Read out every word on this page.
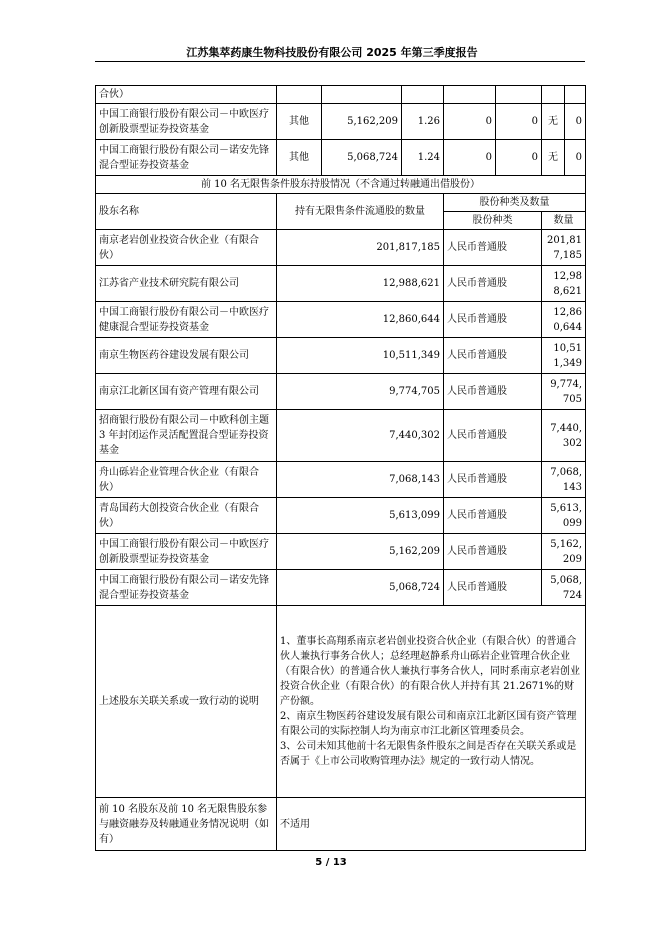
江苏集萃药康生物科技股份有限公司 2025 年第三季度报告
合伙）							
中国工商银行股份有限公司－中欧医疗创新股票型证券投资基金	其他	5,162,209	1.26	0	0	无	0
中国工商银行股份有限公司－诺安先锋混合型证券投资基金	其他	5,068,724	1.24	0	0	无	0
前 10 名无限售条件股东持股情况（不含通过转融通出借股份）							
股东名称	持有无限售条件流通股的数量			股份种类及数量			
				股份种类		数量	
南京老岩创业投资合伙企业（有限合伙）	201,817,185			人民币普通股		201,817,185	
江苏省产业技术研究院有限公司	12,988,621			人民币普通股		12,988,621	
中国工商银行股份有限公司－中欧医疗健康混合型证券投资基金	12,860,644			人民币普通股		12,860,644	
南京生物医药谷建设发展有限公司	10,511,349			人民币普通股		10,511,349	
南京江北新区国有资产管理有限公司	9,774,705			人民币普通股		9,774,705	
招商银行股份有限公司－中欧科创主题 3 年封闭运作灵活配置混合型证券投资基金	7,440,302			人民币普通股		7,440,302	
舟山砾岩企业管理合伙企业（有限合伙）	7,068,143			人民币普通股		7,068,143	
青岛国药大创投资合伙企业（有限合伙）	5,613,099			人民币普通股		5,613,099	
中国工商银行股份有限公司－中欧医疗创新股票型证券投资基金	5,162,209			人民币普通股		5,162,209	
中国工商银行股份有限公司－诺安先锋混合型证券投资基金	5,068,724			人民币普通股		5,068,724	
上述股东关联关系或一致行动的说明	1、董事长高翔系南京老岩创业投资合伙企业（有限合伙）的普通合伙人兼执行事务合伙人；总经理赵静系舟山砾岩企业管理合伙企业（有限合伙）的普通合伙人兼执行事务合伙人，同时系南京老岩创业投资合伙企业（有限合伙）的有限合伙人并持有其 21.2671%的财产份额。
2、南京生物医药谷建设发展有限公司和南京江北新区国有资产管理有限公司的实际控制人均为南京市江北新区管理委员会。
3、公司未知其他前十名无限售条件股东之间是否存在关联关系或是否属于《上市公司收购管理办法》规定的一致行动人情况。						

前 10 名股东及前 10 名无限售股东参与融资融券及转融通业务情况说明（如有）	不适用						
5 / 13
